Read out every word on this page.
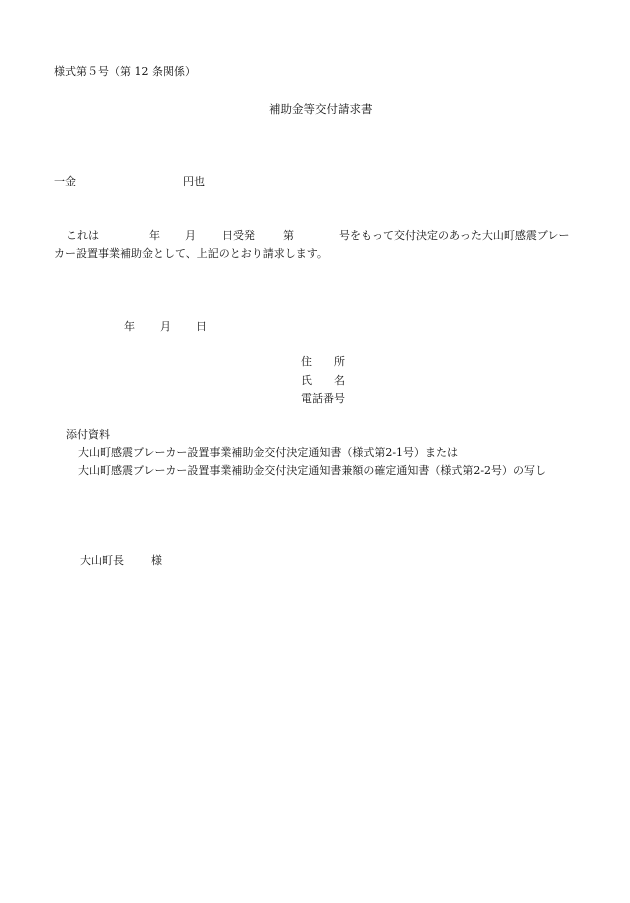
様式第５号（第 12 条関係）
補助金等交付請求書
一金	円也
これは	年 月 日受発	第	号をもって交付決定のあった大山町感震ブレー
カー設置事業補助金として、上記のとおり請求します。
年 月 日
住　　所
氏　　名
電話番号
添付資料
大山町感震ブレーカー設置事業補助金交付決定通知書（様式第2-1号）または
大山町感震ブレーカー設置事業補助金交付決定通知書兼額の確定通知書（様式第2-2号）の写し
大山町長 様
